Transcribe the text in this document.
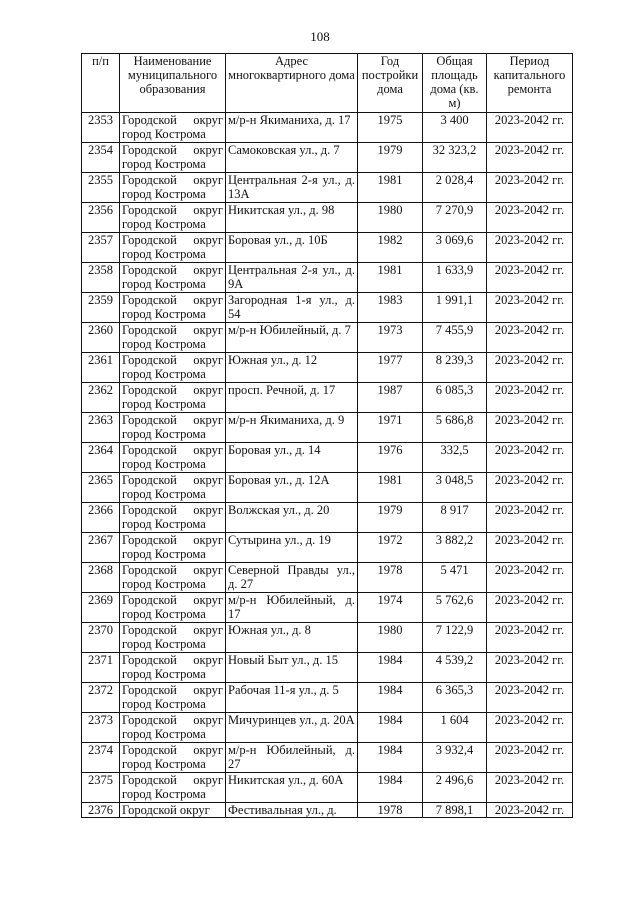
108
п/п	Наименование муниципального образования	Адрес многоквартирного дома	Год постройки дома	Общая площадь дома (кв. м)	Период капитального ремонта
2353	Городской округ город Кострома	м/р-н Якиманиха, д. 17	1975	3 400	2023-2042 гг.
2354	Городской округ город Кострома	Самоковская ул., д. 7	1979	32 323,2	2023-2042 гг.
2355	Городской округ город Кострома	Центральная 2-я ул., д. 13А	1981	2 028,4	2023-2042 гг.
2356	Городской округ город Кострома	Никитская ул., д. 98	1980	7 270,9	2023-2042 гг.
2357	Городской округ город Кострома	Боровая ул., д. 10Б	1982	3 069,6	2023-2042 гг.
2358	Городской округ город Кострома	Центральная 2-я ул., д. 9А	1981	1 633,9	2023-2042 гг.
2359	Городской округ город Кострома	Загородная 1-я ул., д. 54	1983	1 991,1	2023-2042 гг.
2360	Городской округ город Кострома	м/р-н Юбилейный, д. 7	1973	7 455,9	2023-2042 гг.
2361	Городской округ город Кострома	Южная ул., д. 12	1977	8 239,3	2023-2042 гг.
2362	Городской округ город Кострома	просп. Речной, д. 17	1987	6 085,3	2023-2042 гг.
2363	Городской округ город Кострома	м/р-н Якиманиха, д. 9	1971	5 686,8	2023-2042 гг.
2364	Городской округ город Кострома	Боровая ул., д. 14	1976	332,5	2023-2042 гг.
2365	Городской округ город Кострома	Боровая ул., д. 12А	1981	3 048,5	2023-2042 гг.
2366	Городской округ город Кострома	Волжская ул., д. 20	1979	8 917	2023-2042 гг.
2367	Городской округ город Кострома	Сутырина ул., д. 19	1972	3 882,2	2023-2042 гг.
2368	Городской округ город Кострома	Северной Правды ул., д. 27	1978	5 471	2023-2042 гг.
2369	Городской округ город Кострома	м/р-н Юбилейный, д. 17	1974	5 762,6	2023-2042 гг.
2370	Городской округ город Кострома	Южная ул., д. 8	1980	7 122,9	2023-2042 гг.
2371	Городской округ город Кострома	Новый Быт ул., д. 15	1984	4 539,2	2023-2042 гг.
2372	Городской округ город Кострома	Рабочая 11-я ул., д. 5	1984	6 365,3	2023-2042 гг.
2373	Городской округ город Кострома	Мичуринцев ул., д. 20А	1984	1 604	2023-2042 гг.
2374	Городской округ город Кострома	м/р-н Юбилейный, д. 27	1984	3 932,4	2023-2042 гг.
2375	Городской округ город Кострома	Никитская ул., д. 60А	1984	2 496,6	2023-2042 гг.
2376	Городской округ	Фестивальная ул., д.	1978	7 898,1	2023-2042 гг.
